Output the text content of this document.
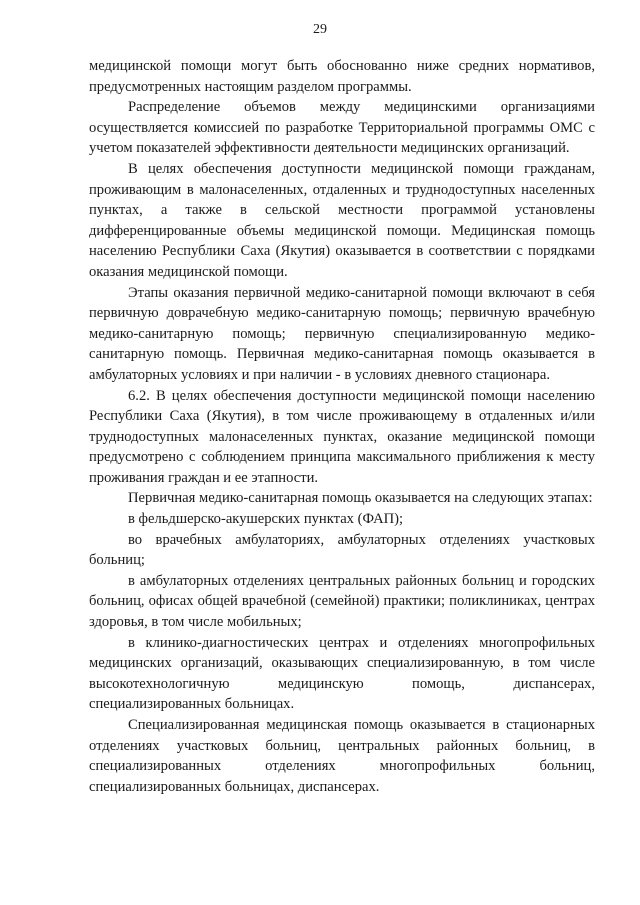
29

медицинской помощи могут быть обоснованно ниже средних нормативов, предусмотренных настоящим разделом программы.

Распределение объемов между медицинскими организациями осуществляется комиссией по разработке Территориальной программы ОМС с учетом показателей эффективности деятельности медицинских организаций.

В целях обеспечения доступности медицинской помощи гражданам, проживающим в малонаселенных, отдаленных и труднодоступных населенных пунктах, а также в сельской местности программой установлены дифференцированные объемы медицинской помощи. Медицинская помощь населению Республики Саха (Якутия) оказывается в соответствии с порядками оказания медицинской помощи.

Этапы оказания первичной медико-санитарной помощи включают в себя первичную доврачебную медико-санитарную помощь; первичную врачебную медико-санитарную помощь; первичную специализированную медико-санитарную помощь. Первичная медико-санитарная помощь оказывается в амбулаторных условиях и при наличии - в условиях дневного стационара.

6.2. В целях обеспечения доступности медицинской помощи населению Республики Саха (Якутия), в том числе проживающему в отдаленных и/или труднодоступных малонаселенных пунктах, оказание медицинской помощи предусмотрено с соблюдением принципа максимального приближения к месту проживания граждан и ее этапности.

Первичная медико-санитарная помощь оказывается на следующих этапах:

в фельдшерско-акушерских пунктах (ФАП);

во врачебных амбулаториях, амбулаторных отделениях участковых больниц;

в амбулаторных отделениях центральных районных больниц и городских больниц, офисах общей врачебной (семейной) практики; поликлиниках, центрах здоровья, в том числе мобильных;

в клинико-диагностических центрах и отделениях многопрофильных медицинских организаций, оказывающих специализированную, в том числе высокотехнологичную медицинскую помощь, диспансерах, специализированных больницах.

Специализированная медицинская помощь оказывается в стационарных отделениях участковых больниц, центральных районных больниц, в специализированных отделениях многопрофильных больниц, специализированных больницах, диспансерах.
